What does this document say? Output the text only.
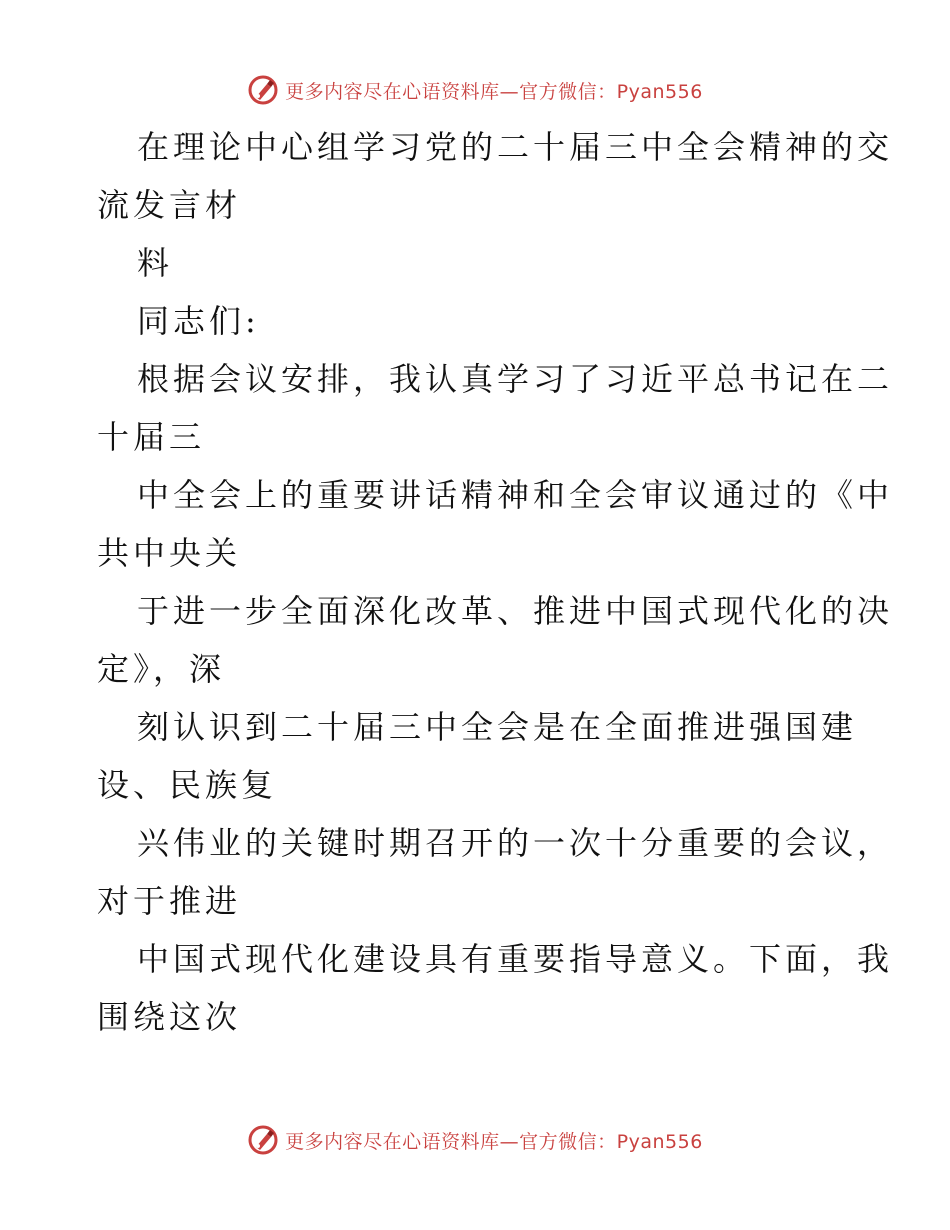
更多内容尽在心语资料库—官方微信：Pyan556
在理论中心组学习党的二十届三中全会精神的交
流发言材
料
同志们:
根据会议安排，我认真学习了习近平总书记在二
十届三
中全会上的重要讲话精神和全会审议通过的《中
共中央关
于进一步全面深化改革、推进中国式现代化的决
定》，深
刻认识到二十届三中全会是在全面推进强国建
设、民族复
兴伟业的关键时期召开的一次十分重要的会议，
对于推进
中国式现代化建设具有重要指导意义。下面，我
围绕这次
更多内容尽在心语资料库—官方微信：Pyan556
